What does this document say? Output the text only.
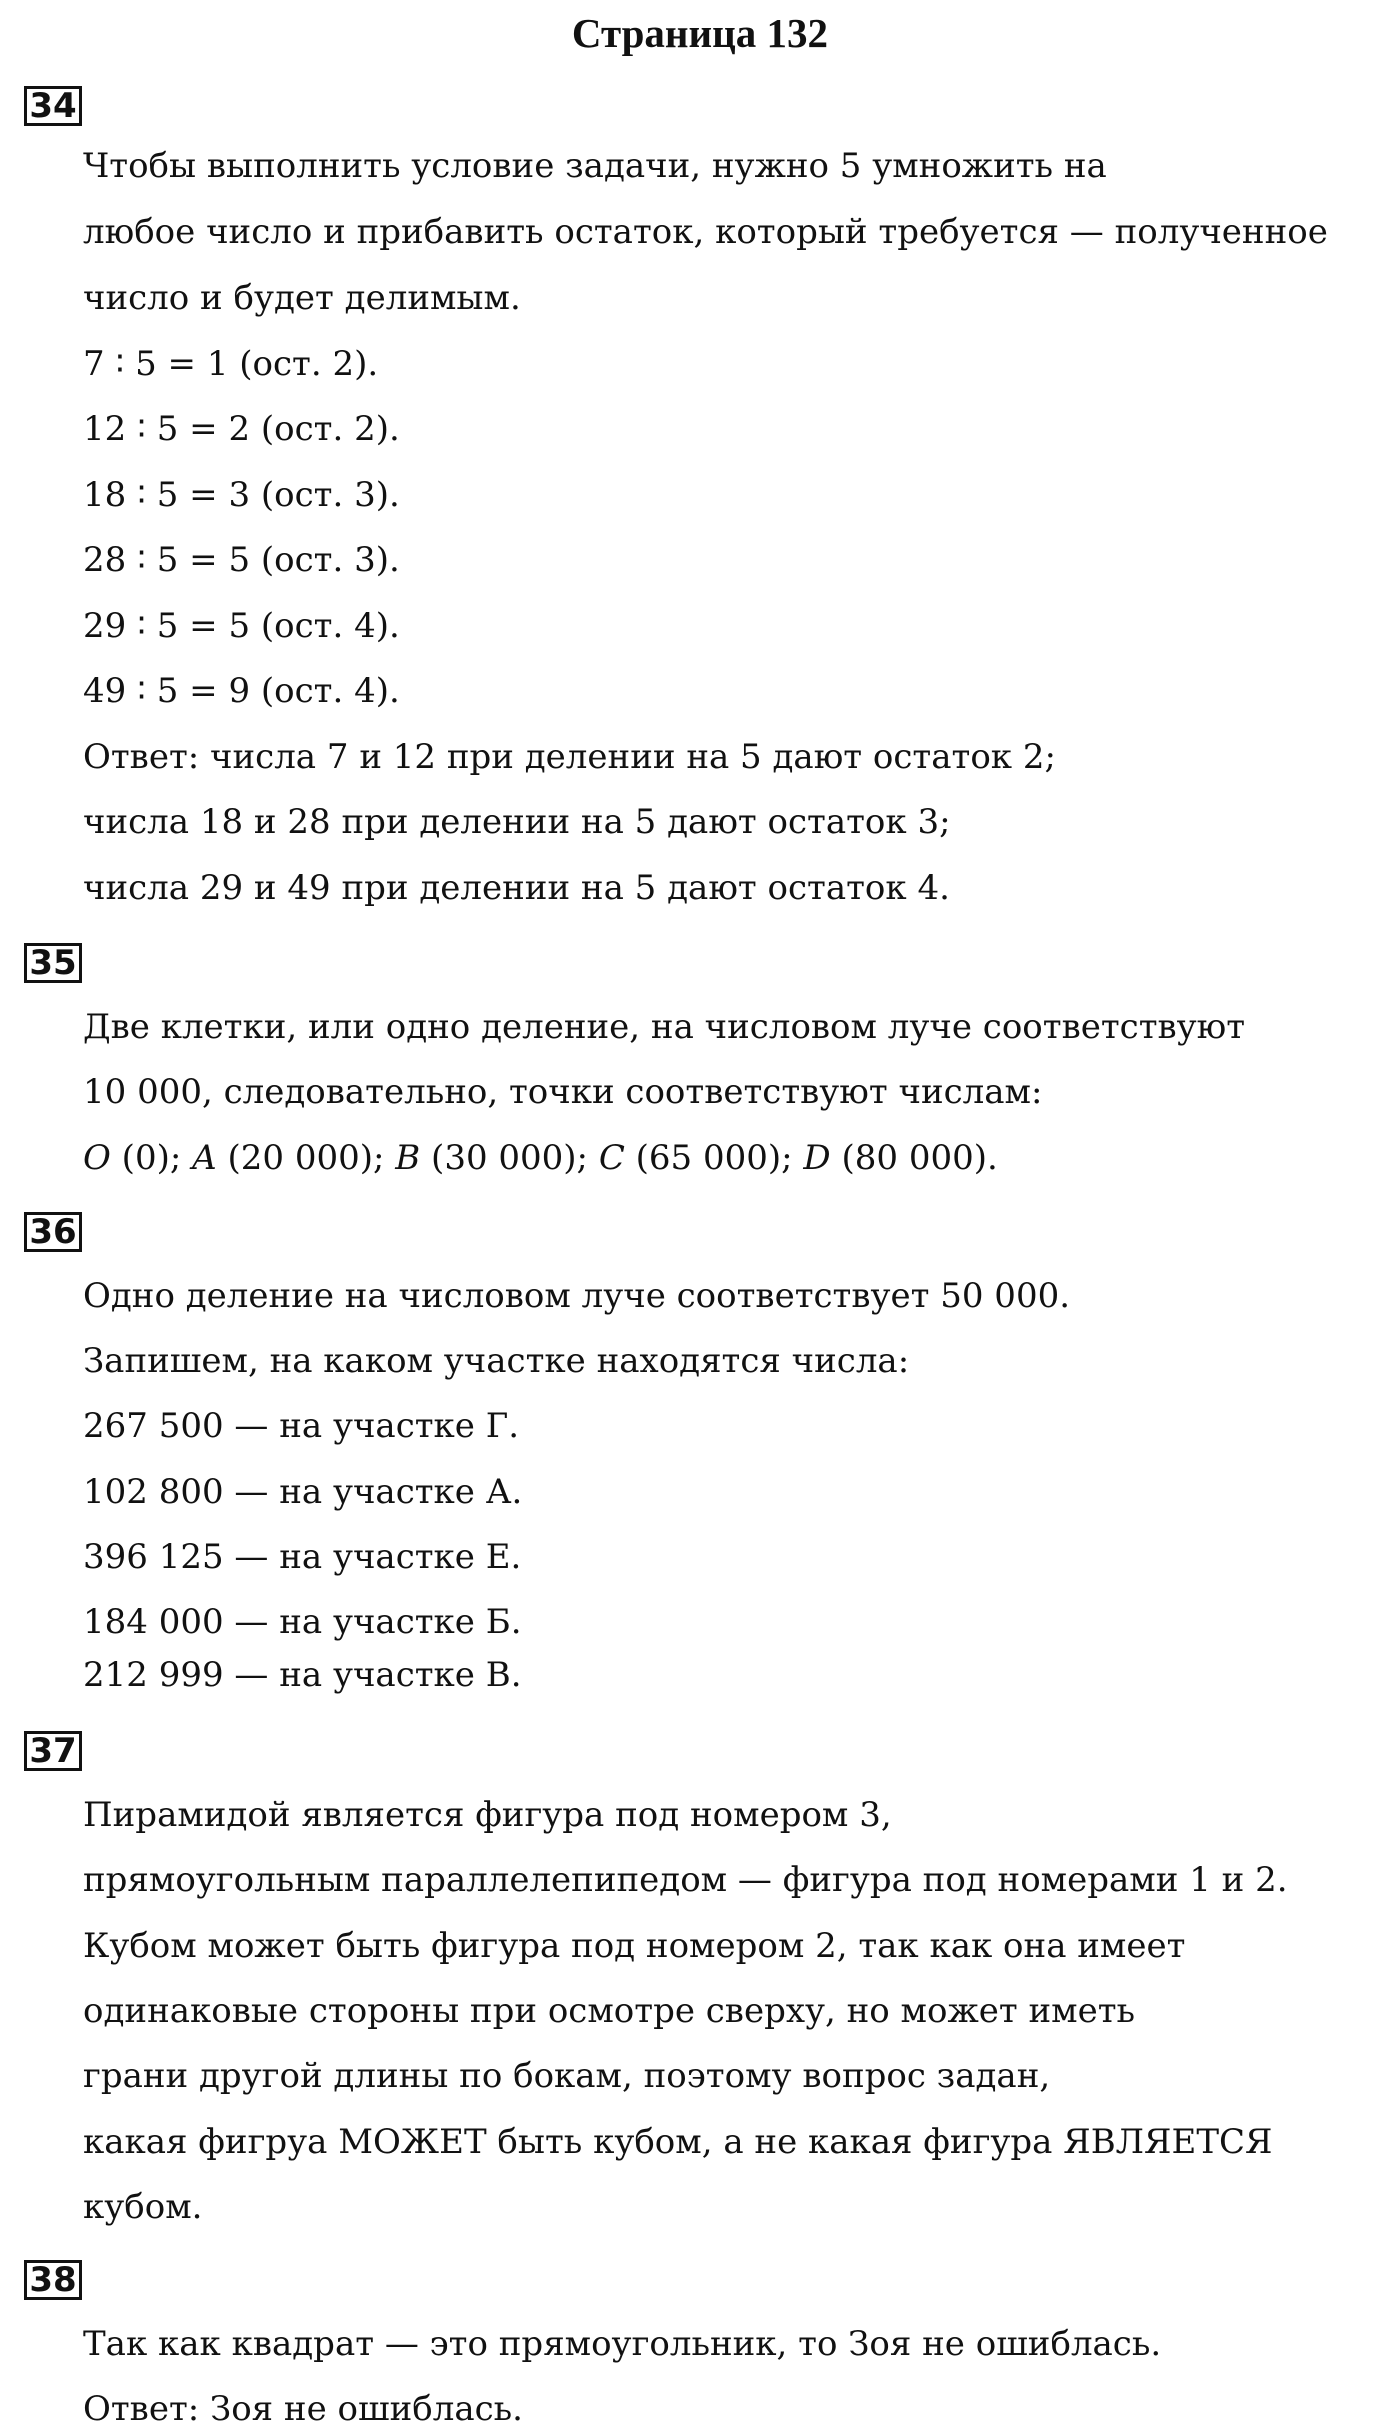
Страница 132
34
Чтобы выполнить условие задачи, нужно 5 умножить на
любое число и прибавить остаток, который требуется — полученное
число и будет делимым.
7 ∶ 5 = 1 (ост. 2).
12 ∶ 5 = 2 (ост. 2).
18 ∶ 5 = 3 (ост. 3).
28 ∶ 5 = 5 (ост. 3).
29 ∶ 5 = 5 (ост. 4).
49 ∶ 5 = 9 (ост. 4).
Ответ: числа 7 и 12 при делении на 5 дают остаток 2;
числа 18 и 28 при делении на 5 дают остаток 3;
числа 29 и 49 при делении на 5 дают остаток 4.
35
Две клетки, или одно деление, на числовом луче соответствуют
10 000, следовательно, точки соответствуют числам:
O (0); A (20 000); B (30 000); C (65 000); D (80 000).
36
Одно деление на числовом луче соответствует 50 000.
Запишем, на каком участке находятся числа:
267 500 — на участке Г.
102 800 — на участке А.
396 125 — на участке Е.
184 000 — на участке Б.
212 999 — на участке В.
37
Пирамидой является фигура под номером 3,
прямоугольным параллелепипедом — фигура под номерами 1 и 2.
Кубом может быть фигура под номером 2, так как она имеет
одинаковые стороны при осмотре сверху, но может иметь
грани другой длины по бокам, поэтому вопрос задан,
какая фигруа МОЖЕТ быть кубом, а не какая фигура ЯВЛЯЕТСЯ
кубом.
38
Так как квадрат — это прямоугольник, то Зоя не ошиблась.
Ответ: Зоя не ошиблась.
